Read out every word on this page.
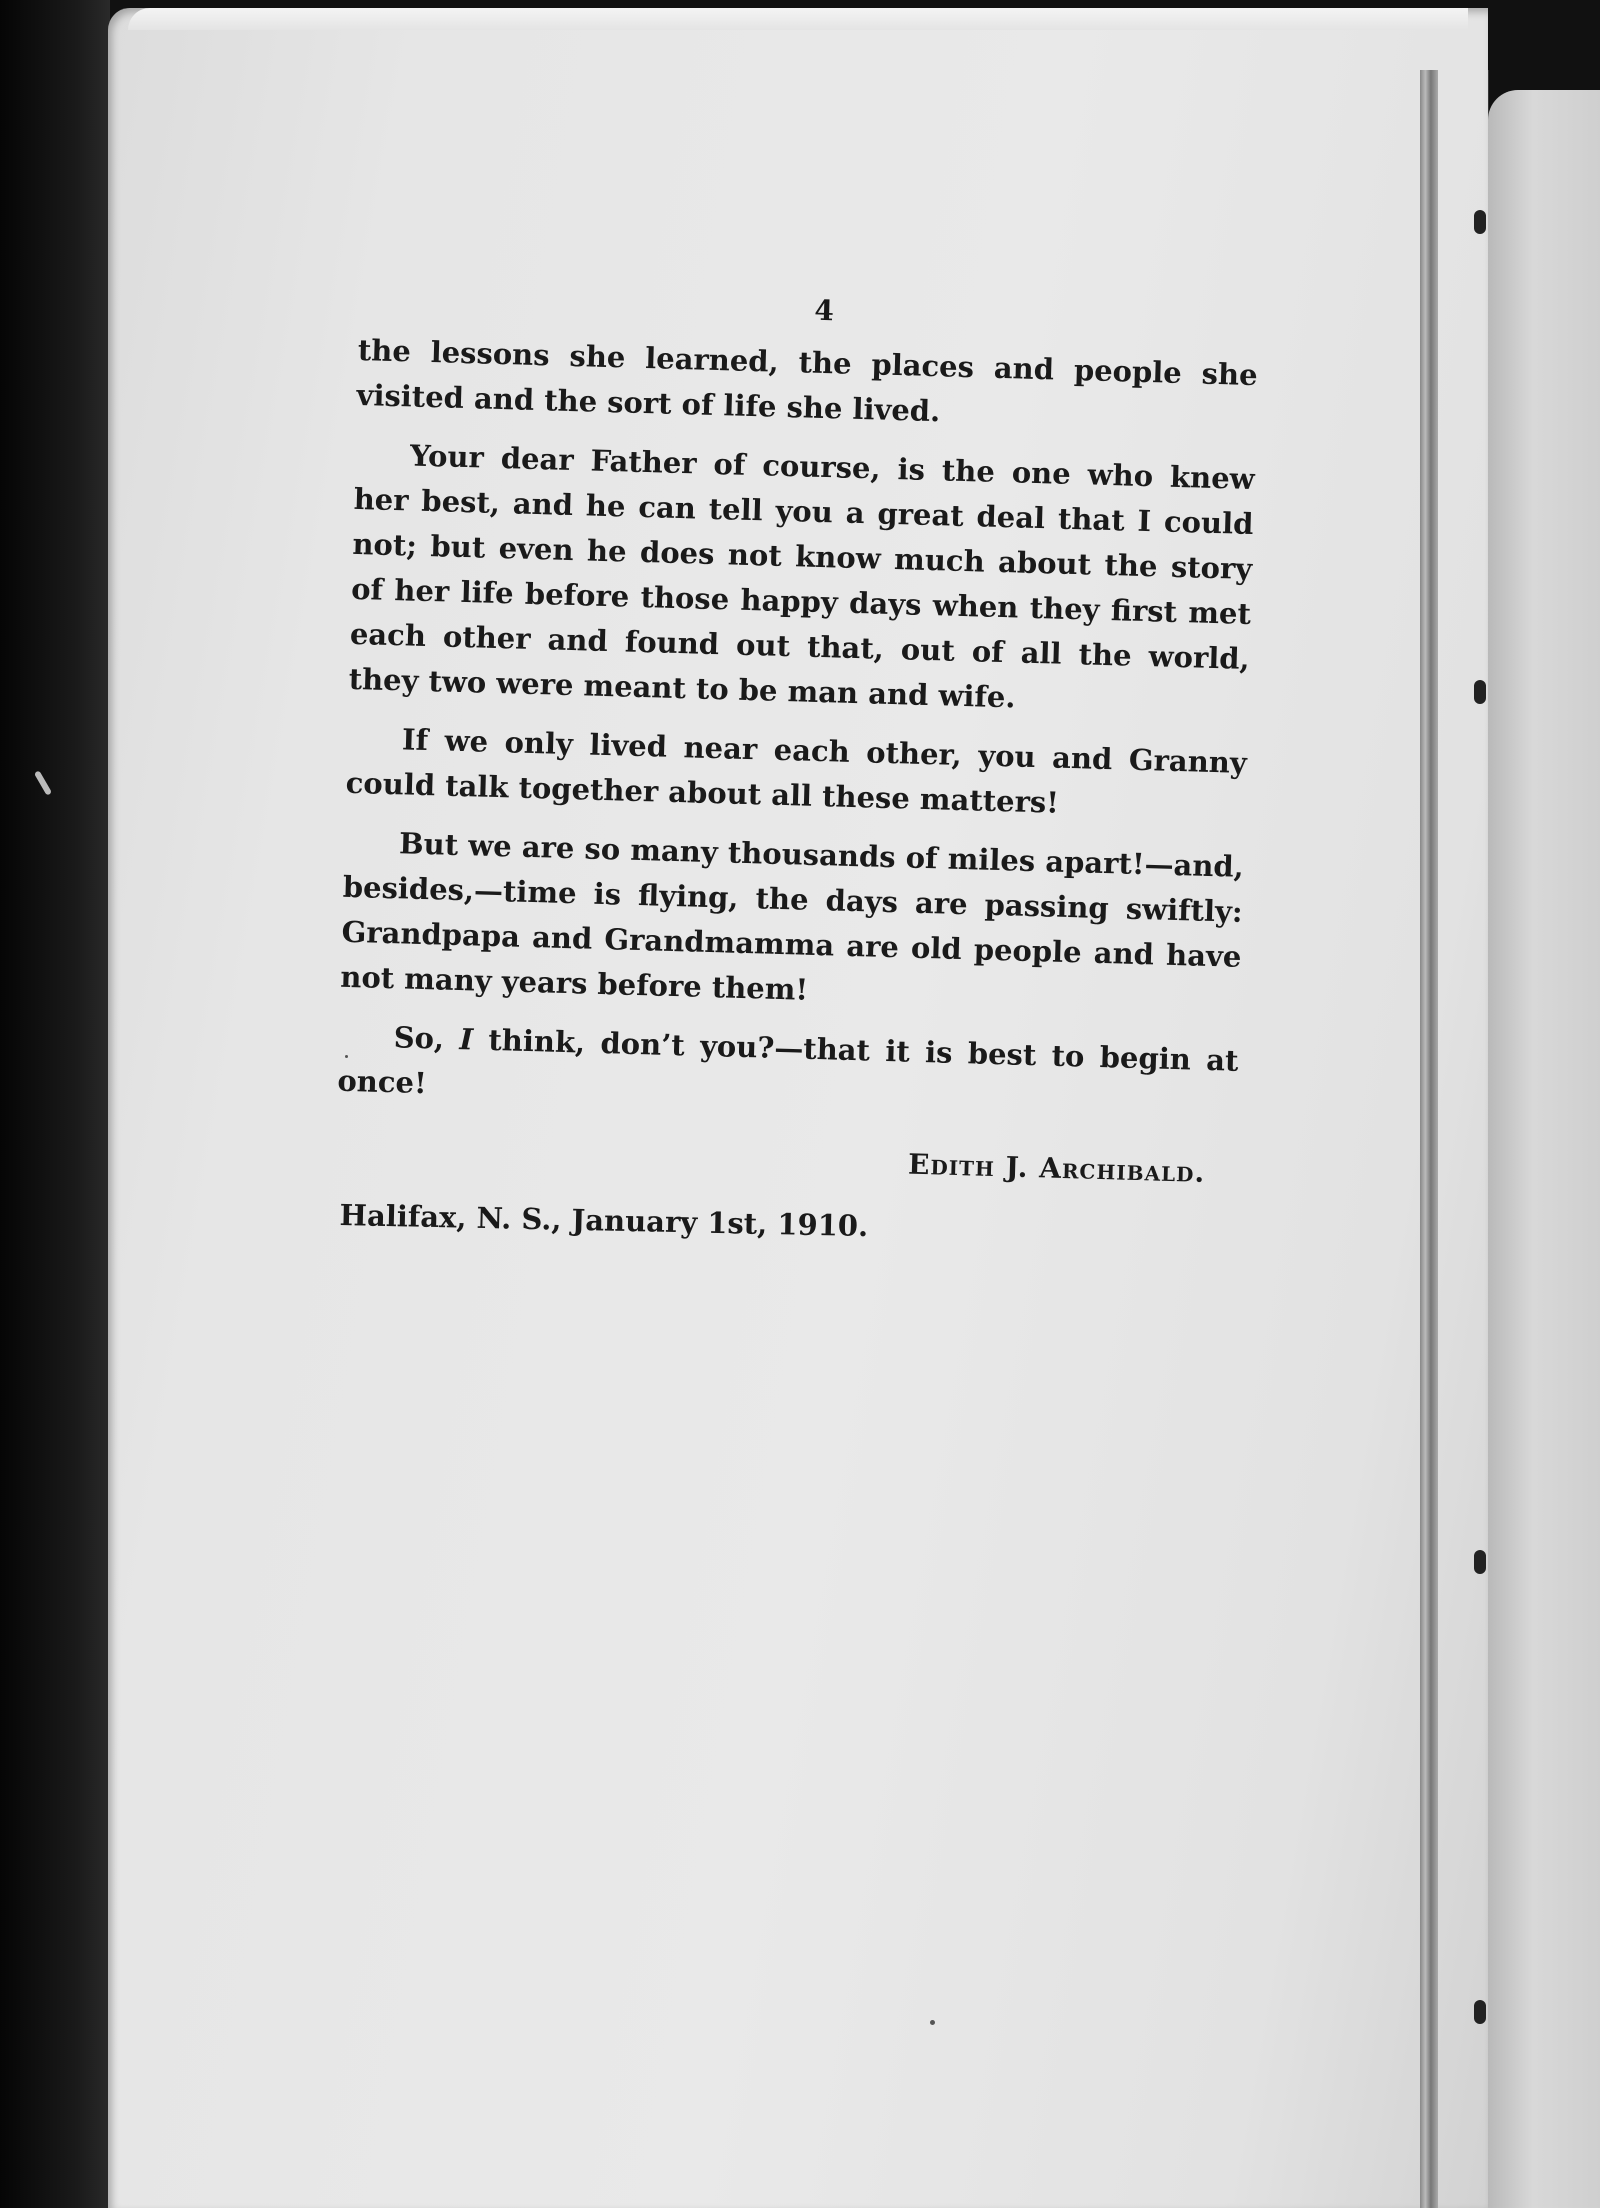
4

the lessons she learned, the places and people she visited and the sort of life she lived.

Your dear Father of course, is the one who knew her best, and he can tell you a great deal that I could not; but even he does not know much about the story of her life before those happy days when they first met each other and found out that, out of all the world, they two were meant to be man and wife.

If we only lived near each other, you and Granny could talk together about all these matters!

But we are so many thousands of miles apart!—and, besides,—time is flying, the days are passing swiftly: Grandpapa and Grandmamma are old people and have not many years before them!

So, I think, don’t you?—that it is best to begin at once!

Edith J. Archibald.
Halifax, N. S., January 1st, 1910.
